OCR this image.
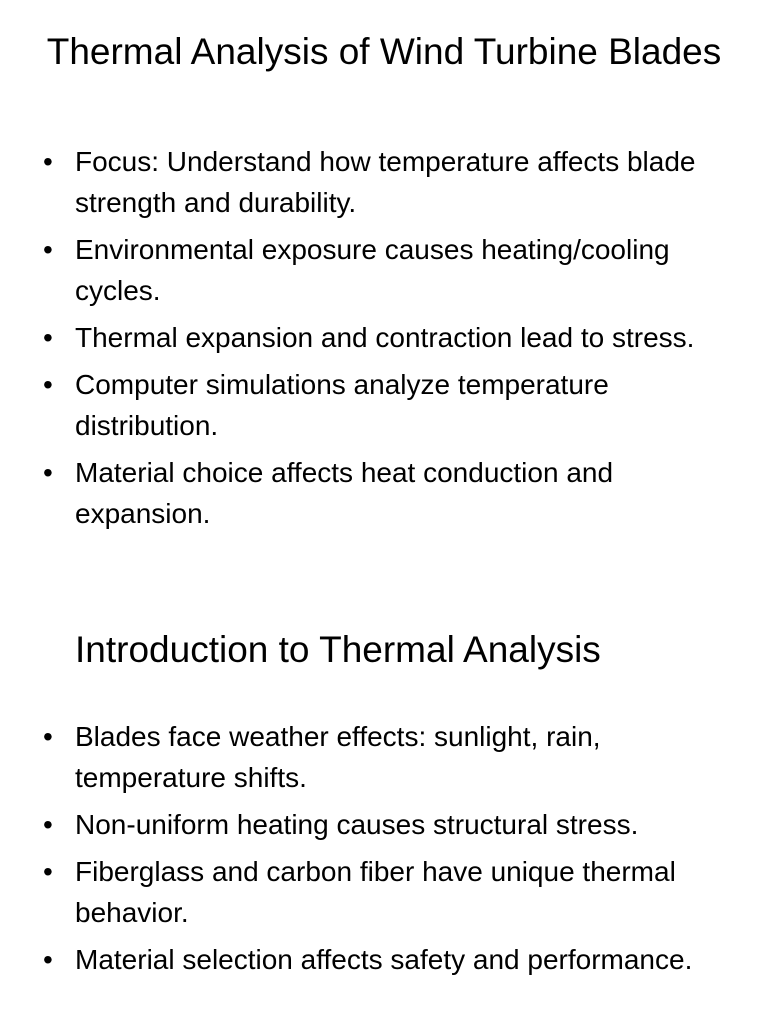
Thermal Analysis of Wind Turbine Blades
• Focus: Understand how temperature affects blade strength and durability.
• Environmental exposure causes heating/cooling cycles.
• Thermal expansion and contraction lead to stress.
• Computer simulations analyze temperature distribution.
• Material choice affects heat conduction and expansion.
Introduction to Thermal Analysis
• Blades face weather effects: sunlight, rain, temperature shifts.
• Non-uniform heating causes structural stress.
• Fiberglass and carbon fiber have unique thermal behavior.
• Material selection affects safety and performance.
